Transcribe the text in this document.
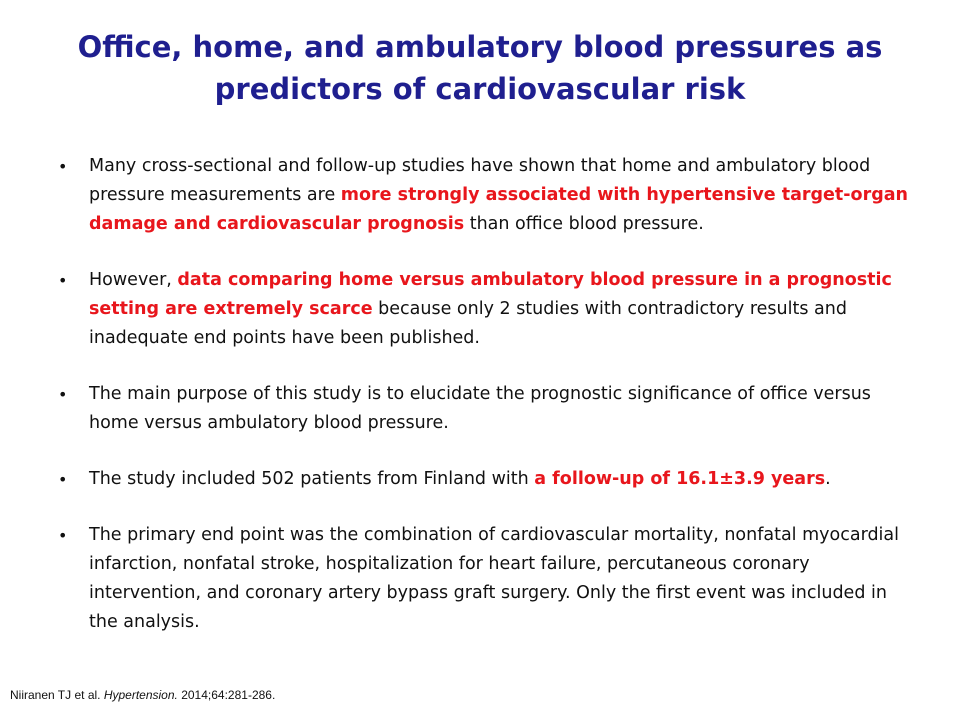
Office, home, and ambulatory blood pressures as
predictors of cardiovascular risk
• Many cross-sectional and follow-up studies have shown that home and ambulatory blood pressure measurements are more strongly associated with hypertensive target-organ damage and cardiovascular prognosis than office blood pressure.
• However, data comparing home versus ambulatory blood pressure in a prognostic setting are extremely scarce because only 2 studies with contradictory results and inadequate end points have been published.
• The main purpose of this study is to elucidate the prognostic significance of office versus home versus ambulatory blood pressure.
• The study included 502 patients from Finland with a follow-up of 16.1±3.9 years.
• The primary end point was the combination of cardiovascular mortality, nonfatal myocardial infarction, nonfatal stroke, hospitalization for heart failure, percutaneous coronary intervention, and coronary artery bypass graft surgery. Only the first event was included in the analysis.
Niiranen TJ et al. Hypertension. 2014;64:281-286.
